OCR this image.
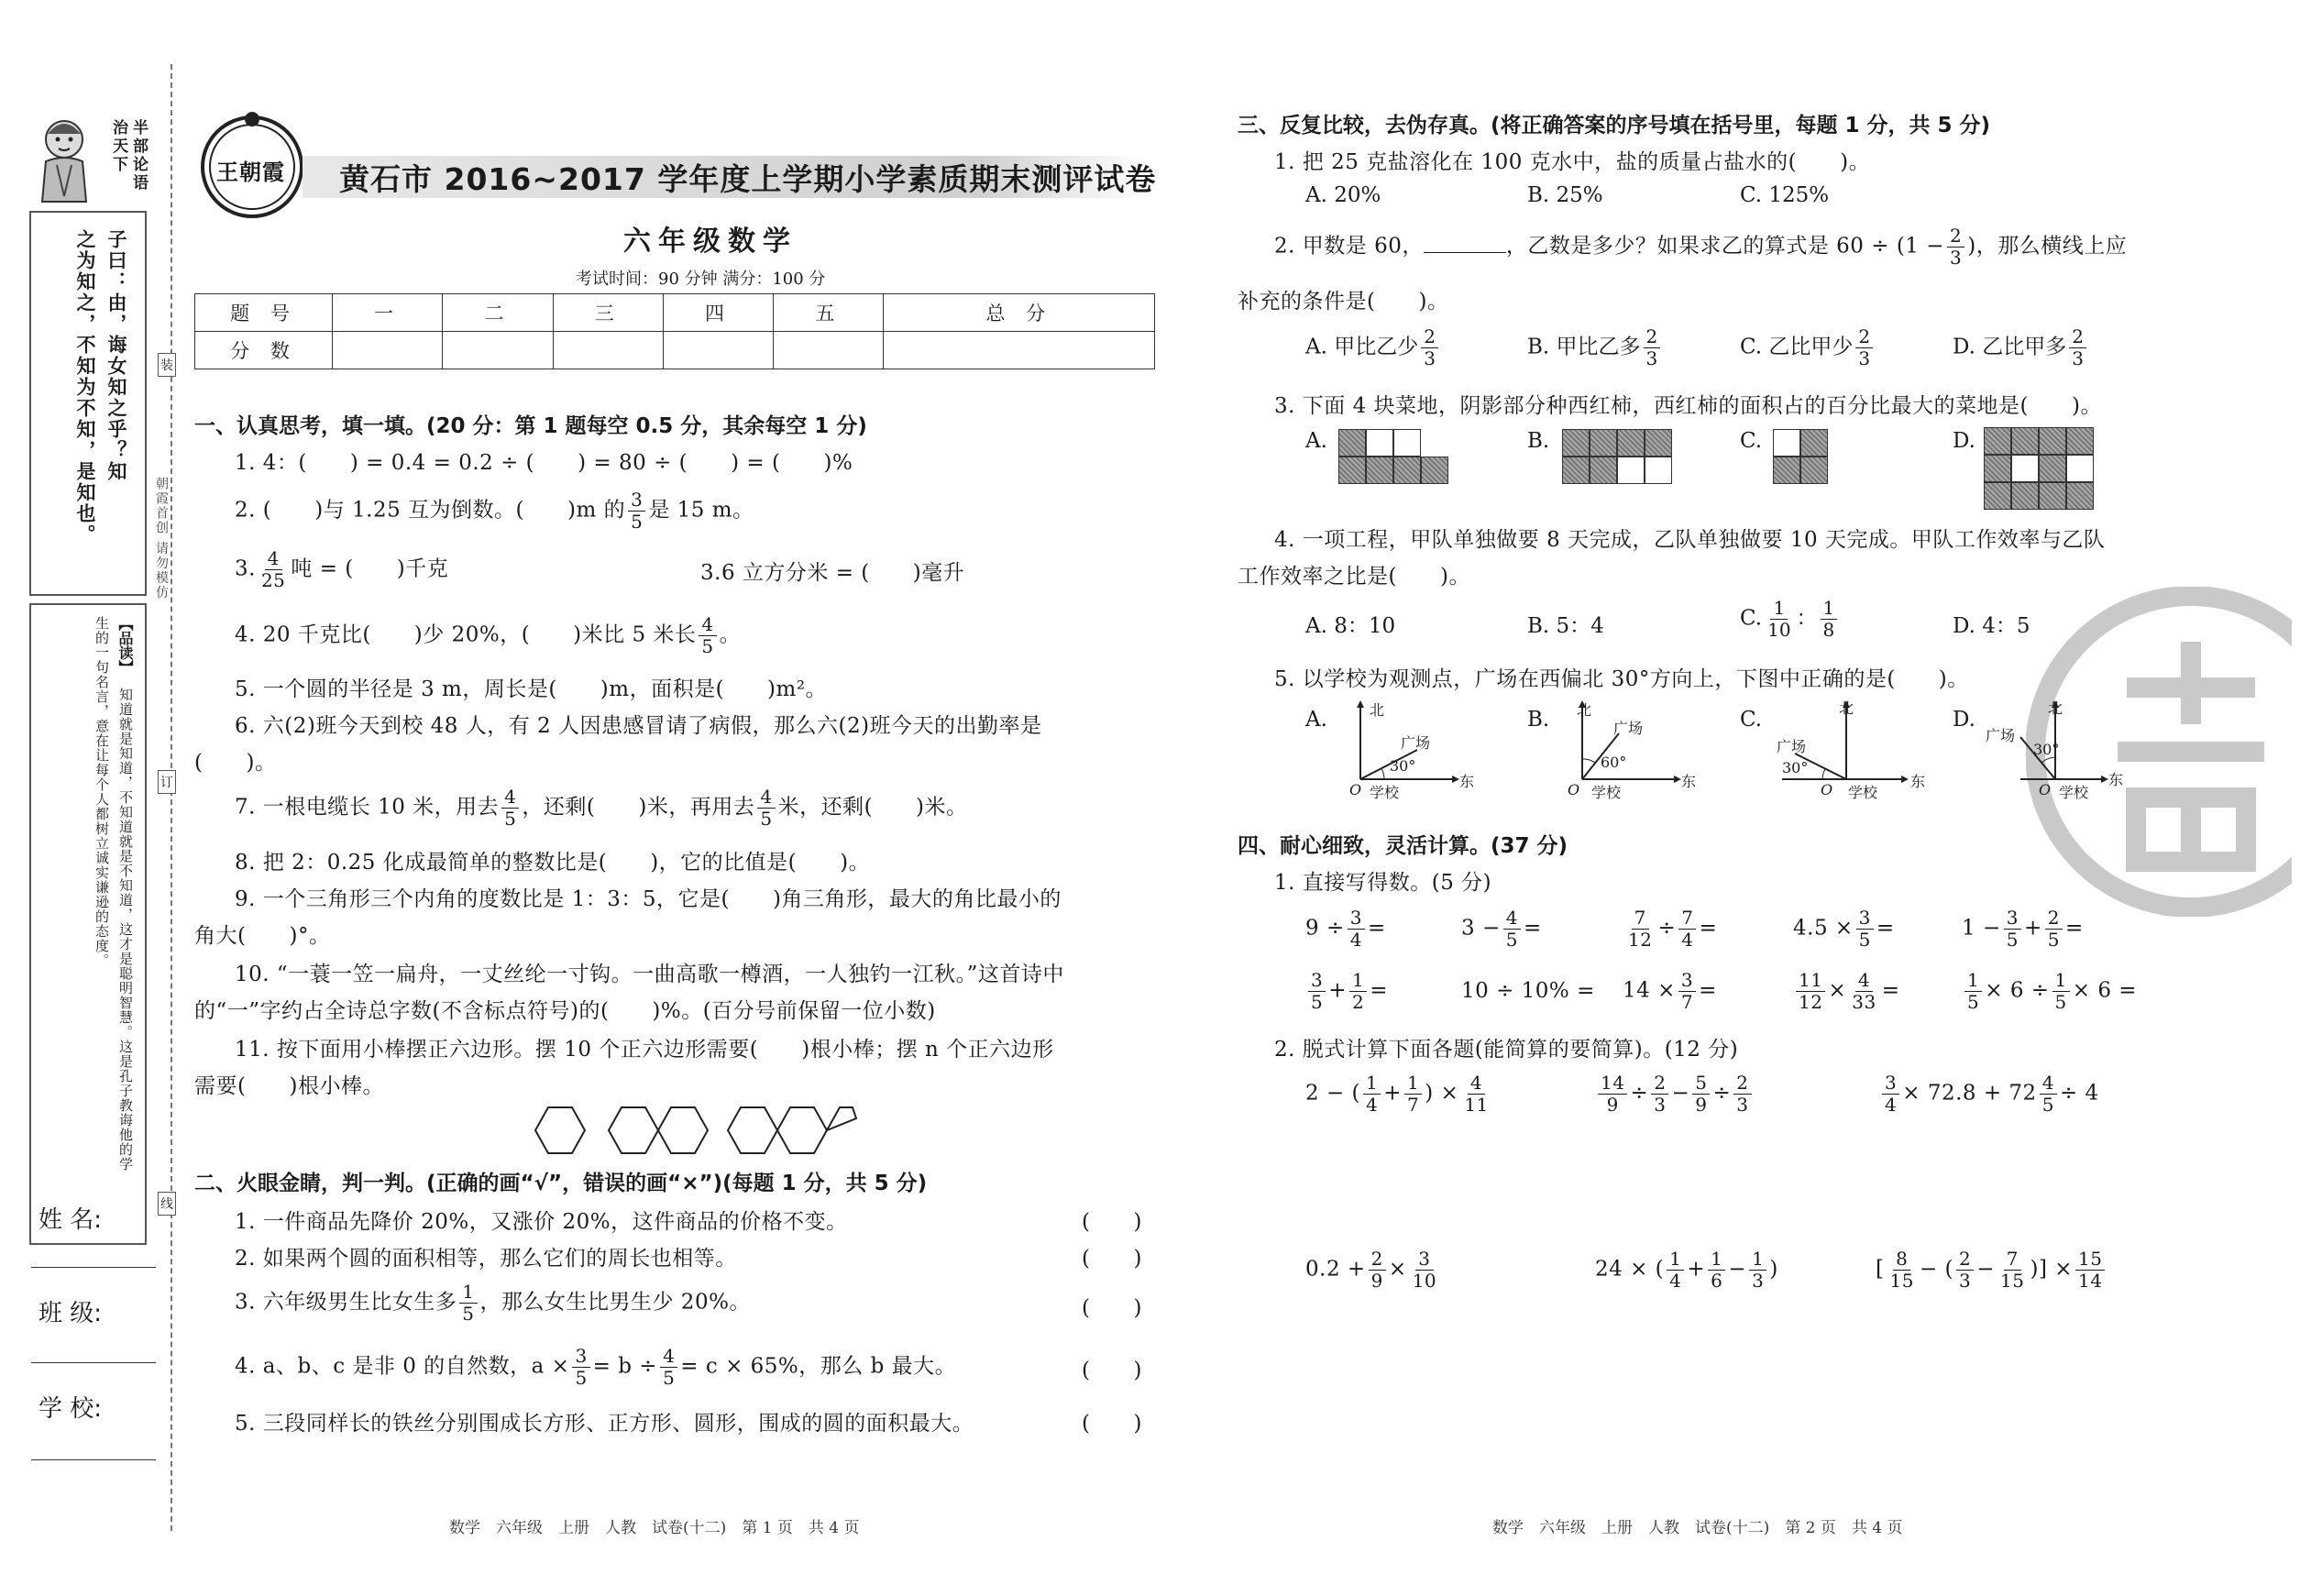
半部论语治天下
子曰：由，诲女知之乎？知
之为知之，不知为不知，是知也。
【品读】
知道就是知道，不知道就是不知道，这才是聪明智慧。这是孔子教诲他的学
生的一句名言，意在让每个人都树立诚实谦逊的态度。
姓 名:
班 级:
学 校:
朝霞首创 请勿模仿
装
订
线
王朝霞 黄石市 2016~2017 学年度上学期小学素质期末测评试卷
六年级数学
考试时间：90 分钟 满分：100 分
题 号	一	二	三	四	五	总 分
分 数						
一、认真思考，填一填。(20 分：第 1 题每空 0.5 分，其余每空 1 分)
1. 4：(　　) = 0.4 = 0.2 ÷ (　　) = 80 ÷ (　　) = (　　)%
2. (　　)与 1.25 互为倒数。(　　)m 的 $\frac{3}{5}$ 是 15 m。
3. $\frac{4}{25}$ 吨 = (　　)千克	3.6 立方分米 = (　　)毫升
4. 20 千克比(　　)少 20%，(　　)米比 5 米长 $\frac{4}{5}$ 。
5. 一个圆的半径是 3 m，周长是(　　)m，面积是(　　)m²。
6. 六(2)班今天到校 48 人，有 2 人因患感冒请了病假，那么六(2)班今天的出勤率是
(　　)。
7. 一根电缆长 10 米，用去 $\frac{4}{5}$ ，还剩(　　)米，再用去 $\frac{4}{5}$ 米，还剩(　　)米。
8. 把 2：0.25 化成最简单的整数比是(　　)，它的比值是(　　)。
9. 一个三角形三个内角的度数比是 1：3：5，它是(　　)角三角形，最大的角比最小的
角大(　　)°。
10. “一蓑一笠一扁舟，一丈丝纶一寸钩。一曲高歌一樽酒，一人独钓一江秋。”这首诗中
的“一”字约占全诗总字数(不含标点符号)的(　　)%。(百分号前保留一位小数)
11. 按下面用小棒摆正六边形。摆 10 个正六边形需要(　　)根小棒；摆 n 个正六边形
需要(　　)根小棒。
二、火眼金睛，判一判。(正确的画“√”，错误的画“×”)(每题 1 分，共 5 分)
1. 一件商品先降价 20%，又涨价 20%，这件商品的价格不变。
2. 如果两个圆的面积相等，那么它们的周长也相等。
3. 六年级男生比女生多 $\frac{1}{5}$ ，那么女生比男生少 20%。
4. a、b、c 是非 0 的自然数，$a \times \frac{3}{5} = b \div \frac{4}{5} = c \times 65\%$，那么 b 最大。
5. 三段同样长的铁丝分别围成长方形、正方形、圆形，围成的圆的面积最大。
(　　)
(　　)
(　　)
(　　)
(　　)
数学　六年级　上册　人教　试卷(十二)　第 1 页　共 4 页
三、反复比较，去伪存真。(将正确答案的序号填在括号里，每题 1 分，共 5 分)
1. 把 25 克盐溶化在 100 克水中，盐的质量占盐水的(　　)。
A. 20%	B. 25%	C. 125%
2. 甲数是 60，	，乙数是多少？如果求乙的算式是 $60 \div (1 - \frac{2}{3}$ )，那么横线上应
补充的条件是(　　)。
A. 甲比乙少 $\frac{2}{3}$	B. 甲比乙多 $\frac{2}{3}$	C. 乙比甲少 $\frac{2}{3}$	D. 乙比甲多 $\frac{2}{3}$
3. 下面 4 块菜地，阴影部分种西红柿，西红柿的面积占的百分比最大的菜地是(　　)。
A.	B.	C.	D.
4. 一项工程，甲队单独做要 8 天完成，乙队单独做要 10 天完成。甲队工作效率与乙队
工作效率之比是(　　)。
A. 8：10	B. 5：4	C. $\frac{1}{10}$ ： $\frac{1}{8}$	D. 4：5
5. 以学校为观测点，广场在西偏北 30°方向上，下图中正确的是(　　)。
A.	B.	C.	D.
北
广场
30°
东
O 学校
北
广场
60°
东
O 学校
北
广场
30°
东
O 学校
北
广场
30°
东
O 学校
四、耐心细致，灵活计算。(37 分)
1. 直接写得数。(5 分)
$9 \div \frac{3}{4}$ =	$3 - \frac{4}{5}$ =	$\frac{7}{12} \div \frac{7}{4}$ =	$4.5 \times \frac{3}{5}$ =	$1 - \frac{3}{5} + \frac{2}{5}$ =
$\frac{3}{5} + \frac{1}{2}$ =	$10 \div 10\% = 14 \times \frac{3}{7}$ =	$\frac{11}{12} \times \frac{4}{33}$ =	$\frac{1}{5} \times 6 \div \frac{1}{5} \times 6$ =
2. 脱式计算下面各题(能简算的要简算)。(12 分)
2 − ( $\frac{1}{4} + \frac{1}{7}$ ) × $\frac{4}{11}$	$\frac{14}{9} \div \frac{2}{3} - \frac{5}{9} \div \frac{2}{3}$	$\frac{3}{4} \times 72.8 + 72 \frac{4}{5} \div 4$
$0.2 + \frac{2}{9} \times \frac{3}{10}$	24 × ( $\frac{1}{4} + \frac{1}{6} - \frac{1}{3}$ )	[ $\frac{8}{15}$ − ( $\frac{2}{3} - \frac{7}{15}$ )] × $\frac{15}{14}$
数学　六年级　上册　人教　试卷(十二)　第 2 页　共 4 页
